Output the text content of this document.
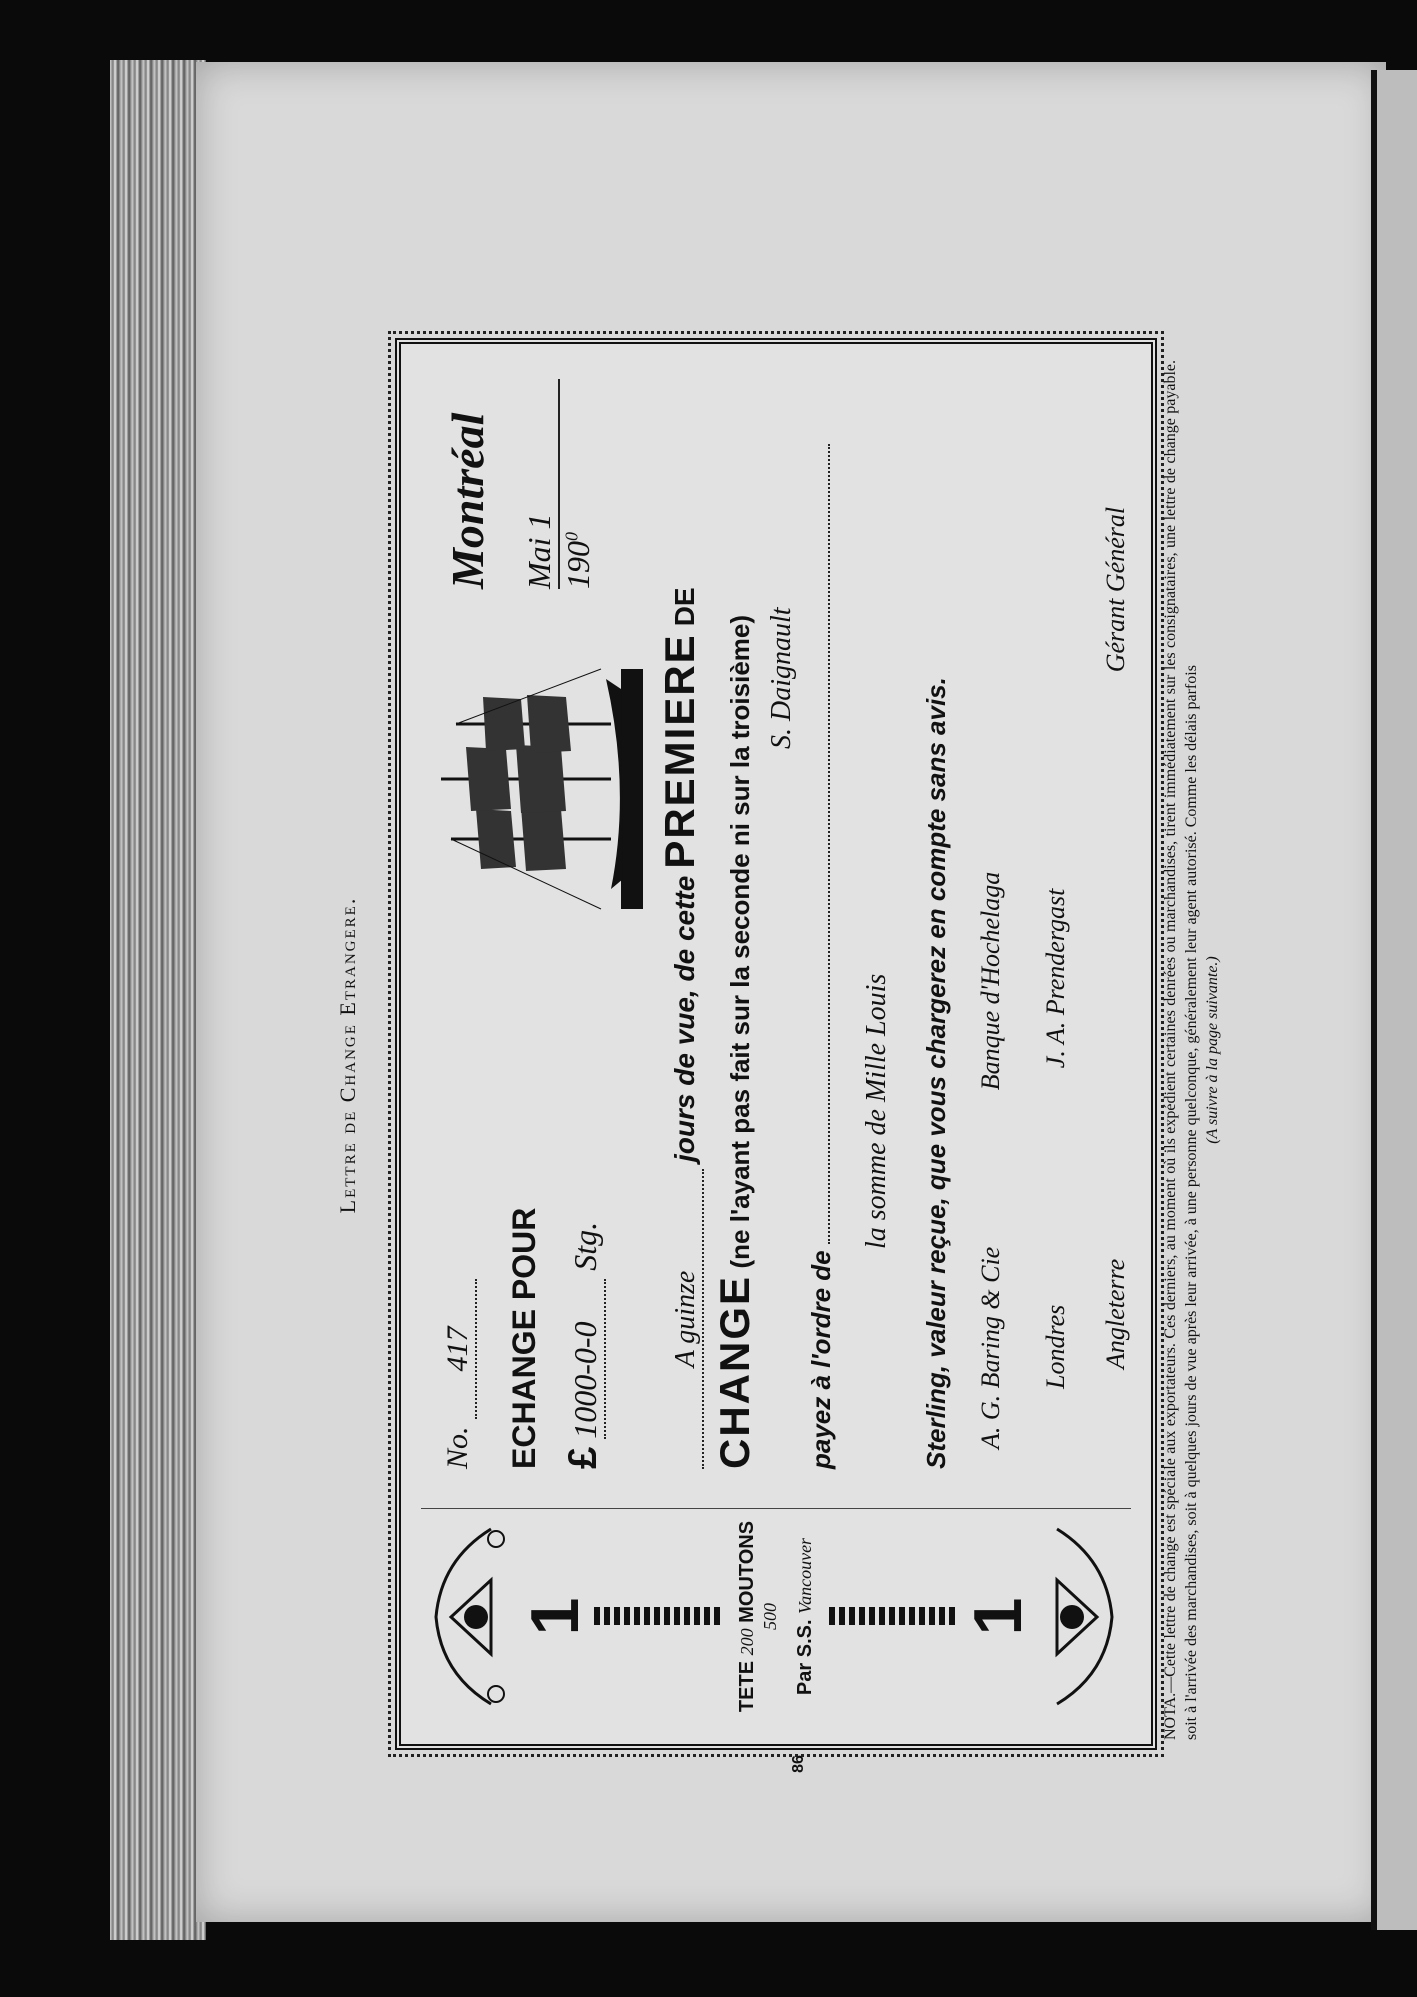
Lettre de Change Etrangere.
1
TETE 200 MOUTONS 500
Par S.S. Vancouver
1
No. 417
Montréal
ECHANGE POUR
Mai 1 $190^0$
£ 1000-0-0 Stg.
A guinze jours de vue, de cette PREMIERE DE
CHANGE (ne l'ayant pas fait sur la seconde ni sur la troisième) S. Daignault
payez à l'ordre de
la somme de Mille Louis Sterling, valeur reçue, que vous chargerez en compte sans avis. A. G. Baring & Cie Banque d'Hochelaga
Londres J. A. Prendergast
Angleterre Gérant Général NOTA.—Cette lettre de change est spéciale aux exportateurs. Ces derniers, au moment où ils expédient certaines denrées ou marchandises, tirent immédiatement sur les consignataires, une lettre de change payable. soit à l'arrivée des marchandises, soit à quelques jours de vue après leur arrivée, à une personne quelconque, généralement leur agent autorisé. Comme les délais parfois (A suivre à la page suivante.)
86
